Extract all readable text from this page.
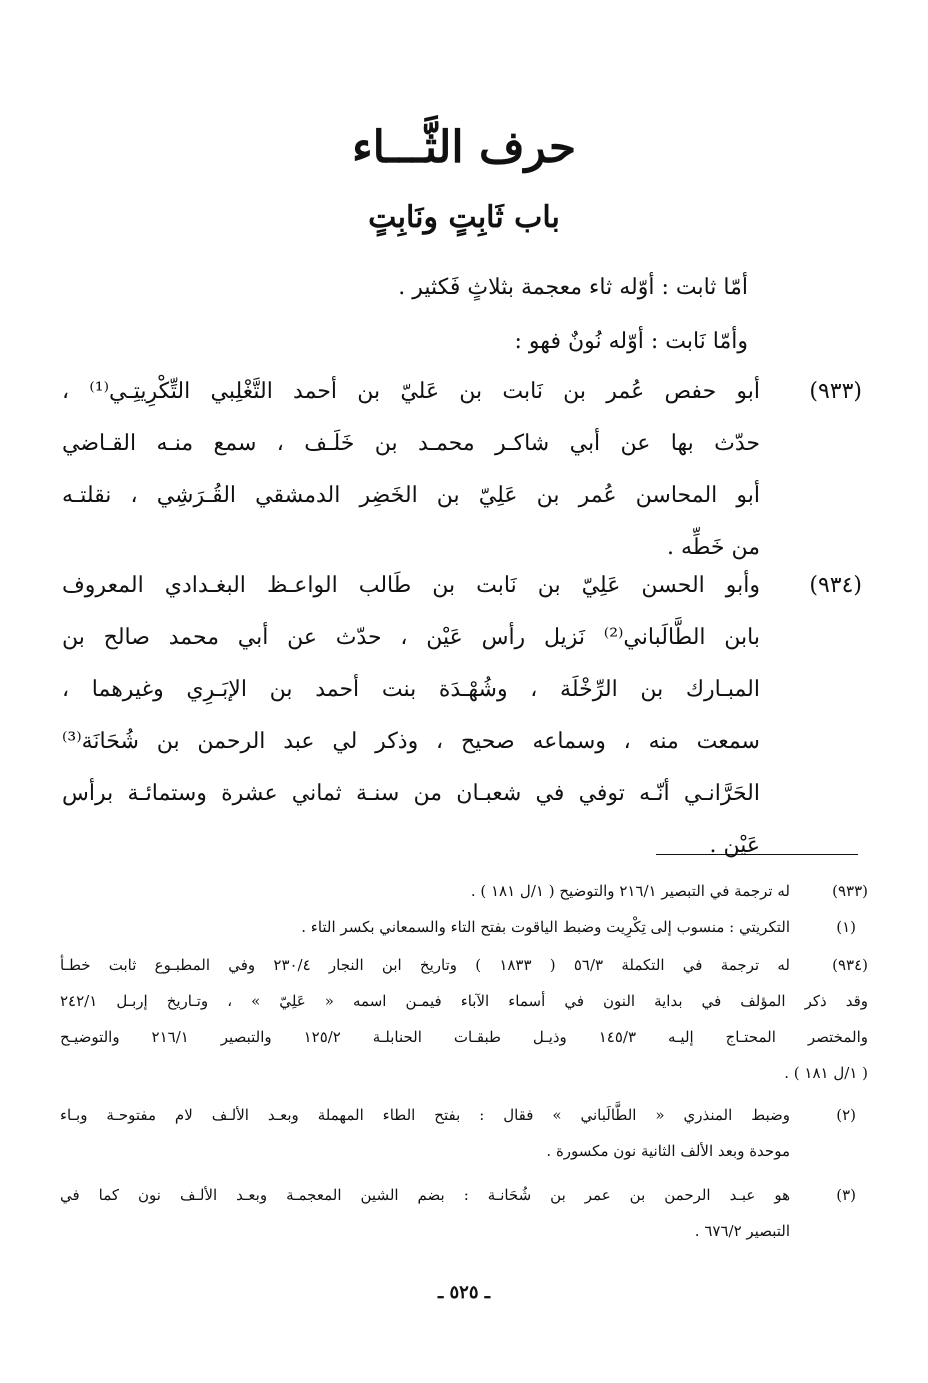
حرف الثَّـــاء
باب ثَابِتٍ ونَابِتٍ

أمّا ثابت : أوّله ثاء معجمة بثلاثٍ فَكثير .

وأمّا نَابت : أوّله نُونٌ فهو :

(٩٣٣)
أبو حفص عُمر بن نَابت بن عَليّ بن أحمد التَّغْلِبي التِّكْرِيتِـي⁽¹⁾ ،
حدّث بها عن أبي شاكـر محمـد بن خَلَـف ، سمع منـه القـاضي
أبو المحاسن عُمر بن عَلِيّ بن الخَضِر الدمشقي القُـرَشِي ، نقلتـه
من خَطِّه .
(٩٣٤)
وأبو الحسن عَلِيّ بن نَابت بن طَالب الواعـظ البغـدادي المعروف
بابن الطَّالَباني⁽²⁾ نَزيل رأس عَيْن ، حدّث عن أبي محمد صالح بن
المبـارك بن الرِّخْلَة ، وشُهْـدَة بنت أحمد بن الإبَـرِي وغيرهما ،
سمعت منه ، وسماعه صحيح ، وذكر لي عبد الرحمن بن شُحَانَة⁽³⁾
الحَرَّانـي أنّـه توفي في شعبـان من سنـة ثماني عشرة وستمائـة برأس
عَيْن .
(٩٣٣)
له ترجمة في التبصير ٢١٦/١ والتوضيح ( ١/ل ١٨١ ) .
(١)
التكريتي : منسوب إلى تِكْرِيت وضبط الياقوت بفتح التاء والسمعاني بكسر التاء .
(٩٣٤)
له ترجمة في التكملة ٥٦/٣ ( ١٨٣٣ ) وتاريخ ابن النجار ٢٣٠/٤ وفي المطبـوع ثابت خطـأ
وقد ذكر المؤلف في بداية النون في أسماء الآباء فيمـن اسمه « عَلِيّ » ، وتـاريخ إربـل ٢٤٢/١
والمختصر المحتـاج إليـه ١٤٥/٣ وذيـل طبقـات الحنابلـة ١٢٥/٢ والتبصير ٢١٦/١ والتوضيـح
( ١/ل ١٨١ ) .
(٢)
وضبط المنذري « الطَّالَباني » فقال : بفتح الطاء المهملة وبعـد الألـف لام مفتوحـة وبـاء
موحدة وبعد الألف الثانية نون مكسورة .
(٣)
هو عبـد الرحمن بن عمر بن شُحَانـة : بضم الشين المعجمـة وبعـد الألـف نون كما في
التبصير ٦٧٦/٢ .
ـ ٥٢٥ ـ
